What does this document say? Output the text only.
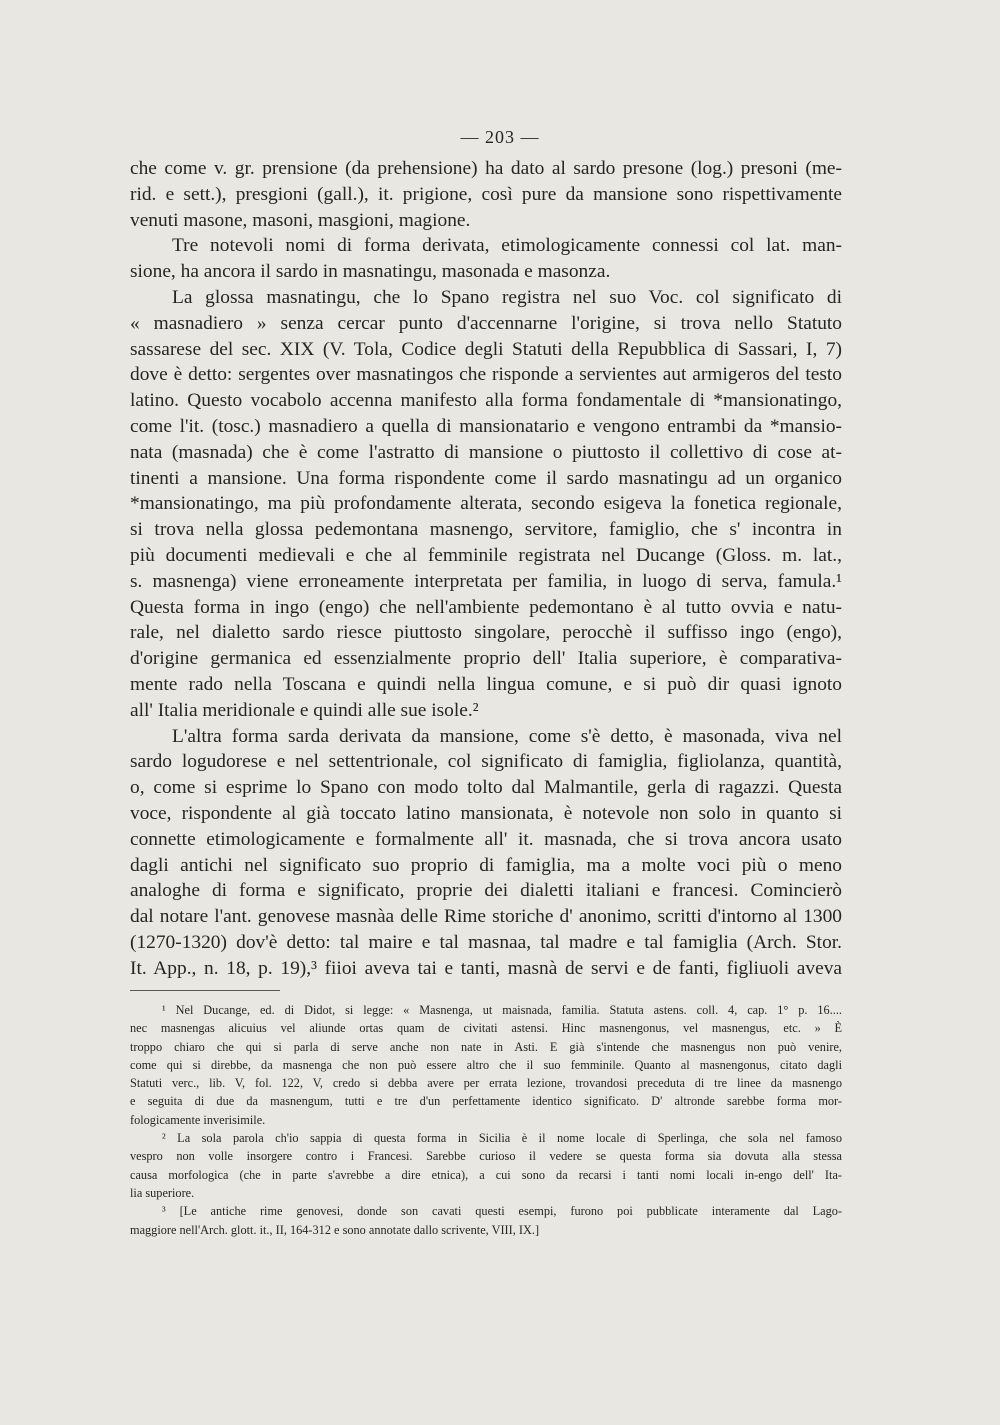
— 203 —
che come v. gr. prensione (da prehensione) ha dato al sardo presone (log.) presoni (me-
rid. e sett.), presgioni (gall.), it. prigione, così pure da mansione sono rispettivamente
venuti masone, masoni, masgioni, magione.
Tre notevoli nomi di forma derivata, etimologicamente connessi col lat. man-
sione, ha ancora il sardo in masnatingu, masonada e masonza.
La glossa masnatingu, che lo Spano registra nel suo Voc. col significato di
« masnadiero » senza cercar punto d'accennarne l'origine, si trova nello Statuto
sassarese del sec. XIX (V. Tola, Codice degli Statuti della Repubblica di Sassari, I, 7)
dove è detto: sergentes over masnatingos che risponde a servientes aut armigeros del testo
latino. Questo vocabolo accenna manifesto alla forma fondamentale di *mansionatingo,
come l'it. (tosc.) masnadiero a quella di mansionatario e vengono entrambi da *mansio-
nata (masnada) che è come l'astratto di mansione o piuttosto il collettivo di cose at-
tinenti a mansione. Una forma rispondente come il sardo masnatingu ad un organico
*mansionatingo, ma più profondamente alterata, secondo esigeva la fonetica regionale,
si trova nella glossa pedemontana masnengo, servitore, famiglio, che s' incontra in
più documenti medievali e che al femminile registrata nel Ducange (Gloss. m. lat.,
s. masnenga) viene erroneamente interpretata per familia, in luogo di serva, famula.¹
Questa forma in ingo (engo) che nell'ambiente pedemontano è al tutto ovvia e natu-
rale, nel dialetto sardo riesce piuttosto singolare, perocchè il suffisso ingo (engo),
d'origine germanica ed essenzialmente proprio dell' Italia superiore, è comparativa-
mente rado nella Toscana e quindi nella lingua comune, e si può dir quasi ignoto
all' Italia meridionale e quindi alle sue isole.²
L'altra forma sarda derivata da mansione, come s'è detto, è masonada, viva nel
sardo logudorese e nel settentrionale, col significato di famiglia, figliolanza, quantità,
o, come si esprime lo Spano con modo tolto dal Malmantile, gerla di ragazzi. Questa
voce, rispondente al già toccato latino mansionata, è notevole non solo in quanto si
connette etimologicamente e formalmente all' it. masnada, che si trova ancora usato
dagli antichi nel significato suo proprio di famiglia, ma a molte voci più o meno
analoghe di forma e significato, proprie dei dialetti italiani e francesi. Comincierò
dal notare l'ant. genovese masnàa delle Rime storiche d' anonimo, scritti d'intorno al 1300
(1270-1320) dov'è detto: tal maire e tal masnaa, tal madre e tal famiglia (Arch. Stor.
It. App., n. 18, p. 19),³ fiioi aveva tai e tanti, masnà de servi e de fanti, figliuoli aveva
¹ Nel Ducange, ed. di Didot, si legge: « Masnenga, ut maisnada, familia. Statuta astens. coll. 4, cap. 1° p. 16....
nec masnengas alicuius vel aliunde ortas quam de civitati astensi. Hinc masnengonus, vel masnengus, etc. » È
troppo chiaro che qui si parla di serve anche non nate in Asti. E già s'intende che masnengus non può venire,
come qui si direbbe, da masnenga che non può essere altro che il suo femminile. Quanto al masnengonus, citato dagli
Statuti verc., lib. V, fol. 122, V, credo si debba avere per errata lezione, trovandosi preceduta di tre linee da masnengo
e seguita di due da masnengum, tutti e tre d'un perfettamente identico significato. D' altronde sarebbe forma mor-
fologicamente inverisimile.
² La sola parola ch'io sappia di questa forma in Sicilia è il nome locale di Sperlinga, che sola nel famoso
vespro non volle insorgere contro i Francesi. Sarebbe curioso il vedere se questa forma sia dovuta alla stessa
causa morfologica (che in parte s'avrebbe a dire etnica), a cui sono da recarsi i tanti nomi locali in-engo dell' Ita-
lia superiore.
³ [Le antiche rime genovesi, donde son cavati questi esempi, furono poi pubblicate interamente dal Lago-
maggiore nell'Arch. glott. it., II, 164-312 e sono annotate dallo scrivente, VIII, IX.]
